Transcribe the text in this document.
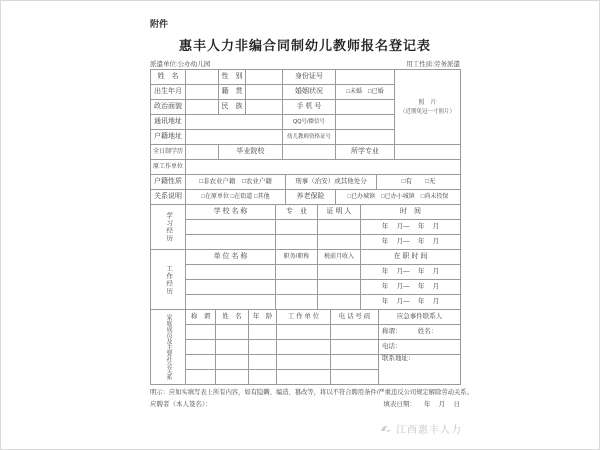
附件
惠丰人力非编合同制幼儿教师报名登记表
派遣单位:公办幼儿园	用工性质:劳务派遣
姓　名		性　别		身份证号		照　片
（近期免冠一寸照片）

出生年月		籍　贯		婚姻状况	□未婚　□已婚	
政治面貌		民　族		手 机 号		
通讯地址				QQ号/微信号		
户籍地址				幼儿教师资格证号		
全日制学历		毕业院校			所学专业	
原工作单位	
户籍性质	□非农业户籍　□农业户籍	刑事（治安）或其他处分	□有　　□无
关系说明	□在原单位 □在街道 □其他	养老保险	□已办城镇　□已办小城镇　□尚未投保
学习经历	学 校 名 称	专　业	证 明 人	时　间
				年　 月—　 年　 月
				年　 月—　 年　 月
工作经历	单 位 名 称	职务/职称	税前月收入	在 职 时 间
				年　 月—　 年　 月
				年　 月—　 年　 月
				年　 月—　 年　 月
家庭成员及主要社会关系	称　谓	姓　名	年　龄	工 作 单 位	电 话 号 码	应急事件联系人
						称谓：　　　姓名：
						电话：
						联系地址：

明示：应如实填写表上所有内容，如有隐瞒、编造、篡改等，将以不符合聘用条件/严重违反公司规定解除劳动关系。
应聘者（本人签名）：	填表日期： 年　 月　 日
江西惠丰人力
